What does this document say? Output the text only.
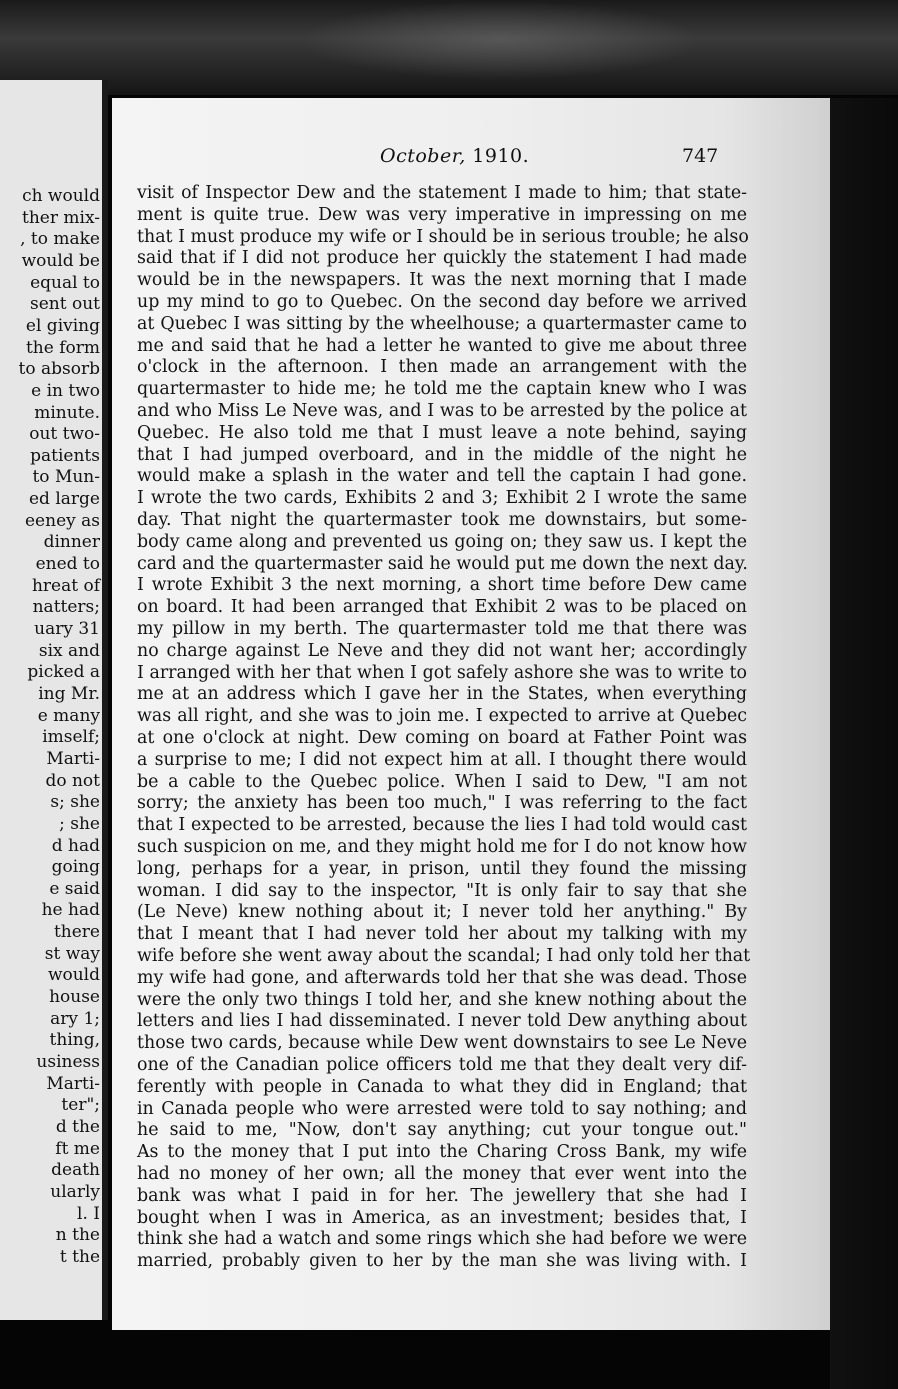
ch would
ther mix-
, to make
would be
equal to
sent out
el giving
the form
to absorb
e in two
minute.
out two-
patients
to Mun-
ed large
eeney as
dinner
ened to
hreat of
natters;
uary 31
six and
picked a
ing Mr.
e many
imself;
Marti-
do not
s; she
; she
d had
going
e said
he had
there
st way
would
house
ary 1;
thing,
usiness
Marti-
ter";
d the
ft me
death
ularly
l. I
n the
t the
October, 1910.	747
visit of Inspector Dew and the statement I made to him; that state-
ment is quite true. Dew was very imperative in impressing on me
that I must produce my wife or I should be in serious trouble; he also
said that if I did not produce her quickly the statement I had made
would be in the newspapers. It was the next morning that I made
up my mind to go to Quebec. On the second day before we arrived
at Quebec I was sitting by the wheelhouse; a quartermaster came to
me and said that he had a letter he wanted to give me about three
o'clock in the afternoon. I then made an arrangement with the
quartermaster to hide me; he told me the captain knew who I was
and who Miss Le Neve was, and I was to be arrested by the police at
Quebec. He also told me that I must leave a note behind, saying
that I had jumped overboard, and in the middle of the night he
would make a splash in the water and tell the captain I had gone.
I wrote the two cards, Exhibits 2 and 3; Exhibit 2 I wrote the same
day. That night the quartermaster took me downstairs, but some-
body came along and prevented us going on; they saw us. I kept the
card and the quartermaster said he would put me down the next day.
I wrote Exhibit 3 the next morning, a short time before Dew came
on board. It had been arranged that Exhibit 2 was to be placed on
my pillow in my berth. The quartermaster told me that there was
no charge against Le Neve and they did not want her; accordingly
I arranged with her that when I got safely ashore she was to write to
me at an address which I gave her in the States, when everything
was all right, and she was to join me. I expected to arrive at Quebec
at one o'clock at night. Dew coming on board at Father Point was
a surprise to me; I did not expect him at all. I thought there would
be a cable to the Quebec police. When I said to Dew, "I am not
sorry; the anxiety has been too much," I was referring to the fact
that I expected to be arrested, because the lies I had told would cast
such suspicion on me, and they might hold me for I do not know how
long, perhaps for a year, in prison, until they found the missing
woman. I did say to the inspector, "It is only fair to say that she
(Le Neve) knew nothing about it; I never told her anything." By
that I meant that I had never told her about my talking with my
wife before she went away about the scandal; I had only told her that
my wife had gone, and afterwards told her that she was dead. Those
were the only two things I told her, and she knew nothing about the
letters and lies I had disseminated. I never told Dew anything about
those two cards, because while Dew went downstairs to see Le Neve
one of the Canadian police officers told me that they dealt very dif-
ferently with people in Canada to what they did in England; that
in Canada people who were arrested were told to say nothing; and
he said to me, "Now, don't say anything; cut your tongue out."
As to the money that I put into the Charing Cross Bank, my wife
had no money of her own; all the money that ever went into the
bank was what I paid in for her. The jewellery that she had I
bought when I was in America, as an investment; besides that, I
think she had a watch and some rings which she had before we were
married, probably given to her by the man she was living with. I
